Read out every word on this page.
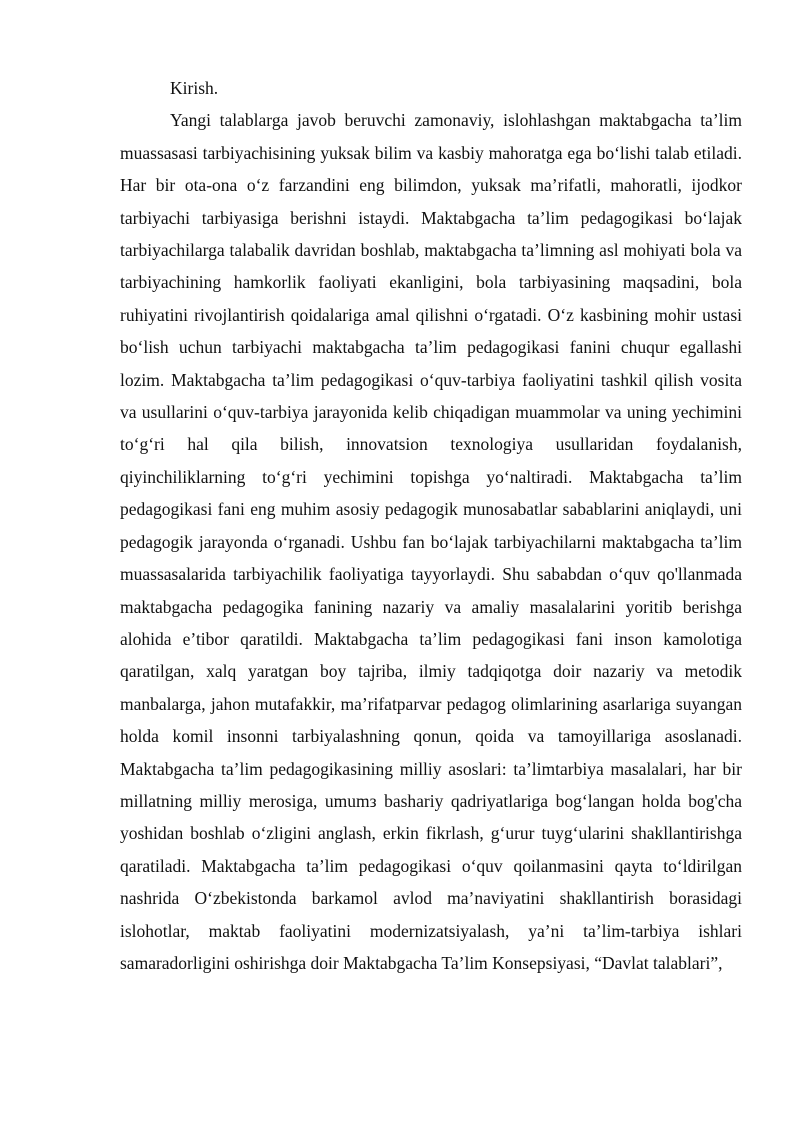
Kirish.

Yangi talablarga javob beruvchi zamonaviy, islohlashgan maktabgacha ta’lim muassasasi tarbiyachisining yuksak bilim va kasbiy mahoratga ega bo‘lishi talab etiladi. Har bir ota-ona o‘z farzandini eng bilimdon, yuksak ma’rifatli, mahoratli, ijodkor tarbiyachi tarbiyasiga berishni istaydi. Maktabgacha ta’lim pedagogikasi bo‘lajak tarbiyachilarga talabalik davridan boshlab, maktabgacha ta’limning asl mohiyati bola va tarbiyachining hamkorlik faoliyati ekanligini, bola tarbiyasining maqsadini, bola ruhiyatini rivojlantirish qoidalariga amal qilishni o‘rgatadi. O‘z kasbining mohir ustasi bo‘lish uchun tarbiyachi maktabgacha ta’lim pedagogikasi fanini chuqur egallashi lozim. Maktabgacha ta’lim pedagogikasi o‘quv-tarbiya faoliyatini tashkil qilish vosita va usullarini o‘quv-tarbiya jarayonida kelib chiqadigan muammolar va uning yechimini to‘g‘ri hal qila bilish, innovatsion texnologiya usullaridan foydalanish, qiyinchiliklarning to‘g‘ri yechimini topishga yo‘naltiradi. Maktabgacha ta’lim pedagogikasi fani eng muhim asosiy pedagogik munosabatlar sabablarini aniqlaydi, uni pedagogik jarayonda o‘rganadi. Ushbu fan bo‘lajak tarbiyachilarni maktabgacha ta’lim muassasalarida tarbiyachilik faoliyatiga tayyorlaydi. Shu sababdan o‘quv qo'llanmada maktabgacha pedagogika fanining nazariy va amaliy masalalarini yoritib berishga alohida e’tibor qaratildi. Maktabgacha ta’lim pedagogikasi fani inson kamolotiga qaratilgan, xalq yaratgan boy tajriba, ilmiy tadqiqotga doir nazariy va metodik manbalarga, jahon mutafakkir, ma’rifatparvar pedagog olimlarining asarlariga suyangan holda komil insonni tarbiyalashning qonun, qoida va tamoyillariga asoslanadi. Maktabgacha ta’lim pedagogikasining milliy asoslari: ta’limtarbiya masalalari, har bir millatning milliy merosiga, umumз bashariy qadriyatlariga bog‘langan holda bog'cha yoshidan boshlab o‘zligini anglash, erkin fikrlash, g‘urur tuyg‘ularini shakllantirishga qaratiladi. Maktabgacha ta’lim pedagogikasi o‘quv qoilanmasini qayta to‘ldirilgan nashrida O‘zbekistonda barkamol avlod ma’naviyatini shakllantirish borasidagi islohotlar, maktab faoliyatini modernizatsiyalash, ya’ni ta’lim-tarbiya ishlari samaradorligini oshirishga doir Maktabgacha Ta’lim Konsepsiyasi, “Davlat talablari”,
